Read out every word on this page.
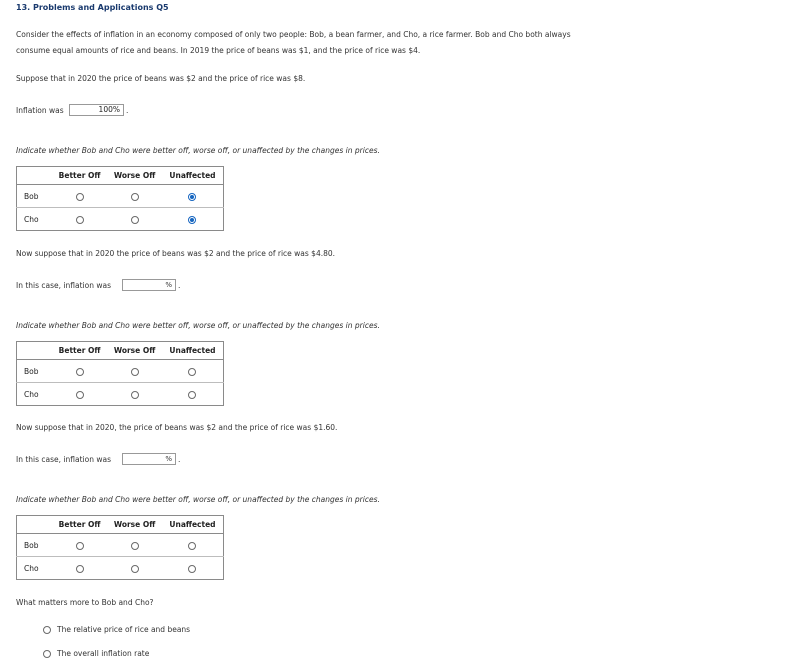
13. Problems and Applications Q5
Consider the effects of inflation in an economy composed of only two people: Bob, a bean farmer, and Cho, a rice farmer. Bob and Cho both always
consume equal amounts of rice and beans. In 2019 the price of beans was $1, and the price of rice was $4.
Suppose that in 2020 the price of beans was $2 and the price of rice was $8.
Inflation was	100% .
Indicate whether Bob and Cho were better off, worse off, or unaffected by the changes in prices.
	Better Off	Worse Off	Unaffected
Bob			
Cho			
Now suppose that in 2020 the price of beans was $2 and the price of rice was $4.80.
In this case, inflation was	% .
Indicate whether Bob and Cho were better off, worse off, or unaffected by the changes in prices.
	Better Off	Worse Off	Unaffected
Bob			
Cho			
Now suppose that in 2020, the price of beans was $2 and the price of rice was $1.60.
In this case, inflation was	% .
Indicate whether Bob and Cho were better off, worse off, or unaffected by the changes in prices.
	Better Off	Worse Off	Unaffected
Bob			
Cho			
What matters more to Bob and Cho?
The relative price of rice and beans
The overall inflation rate
